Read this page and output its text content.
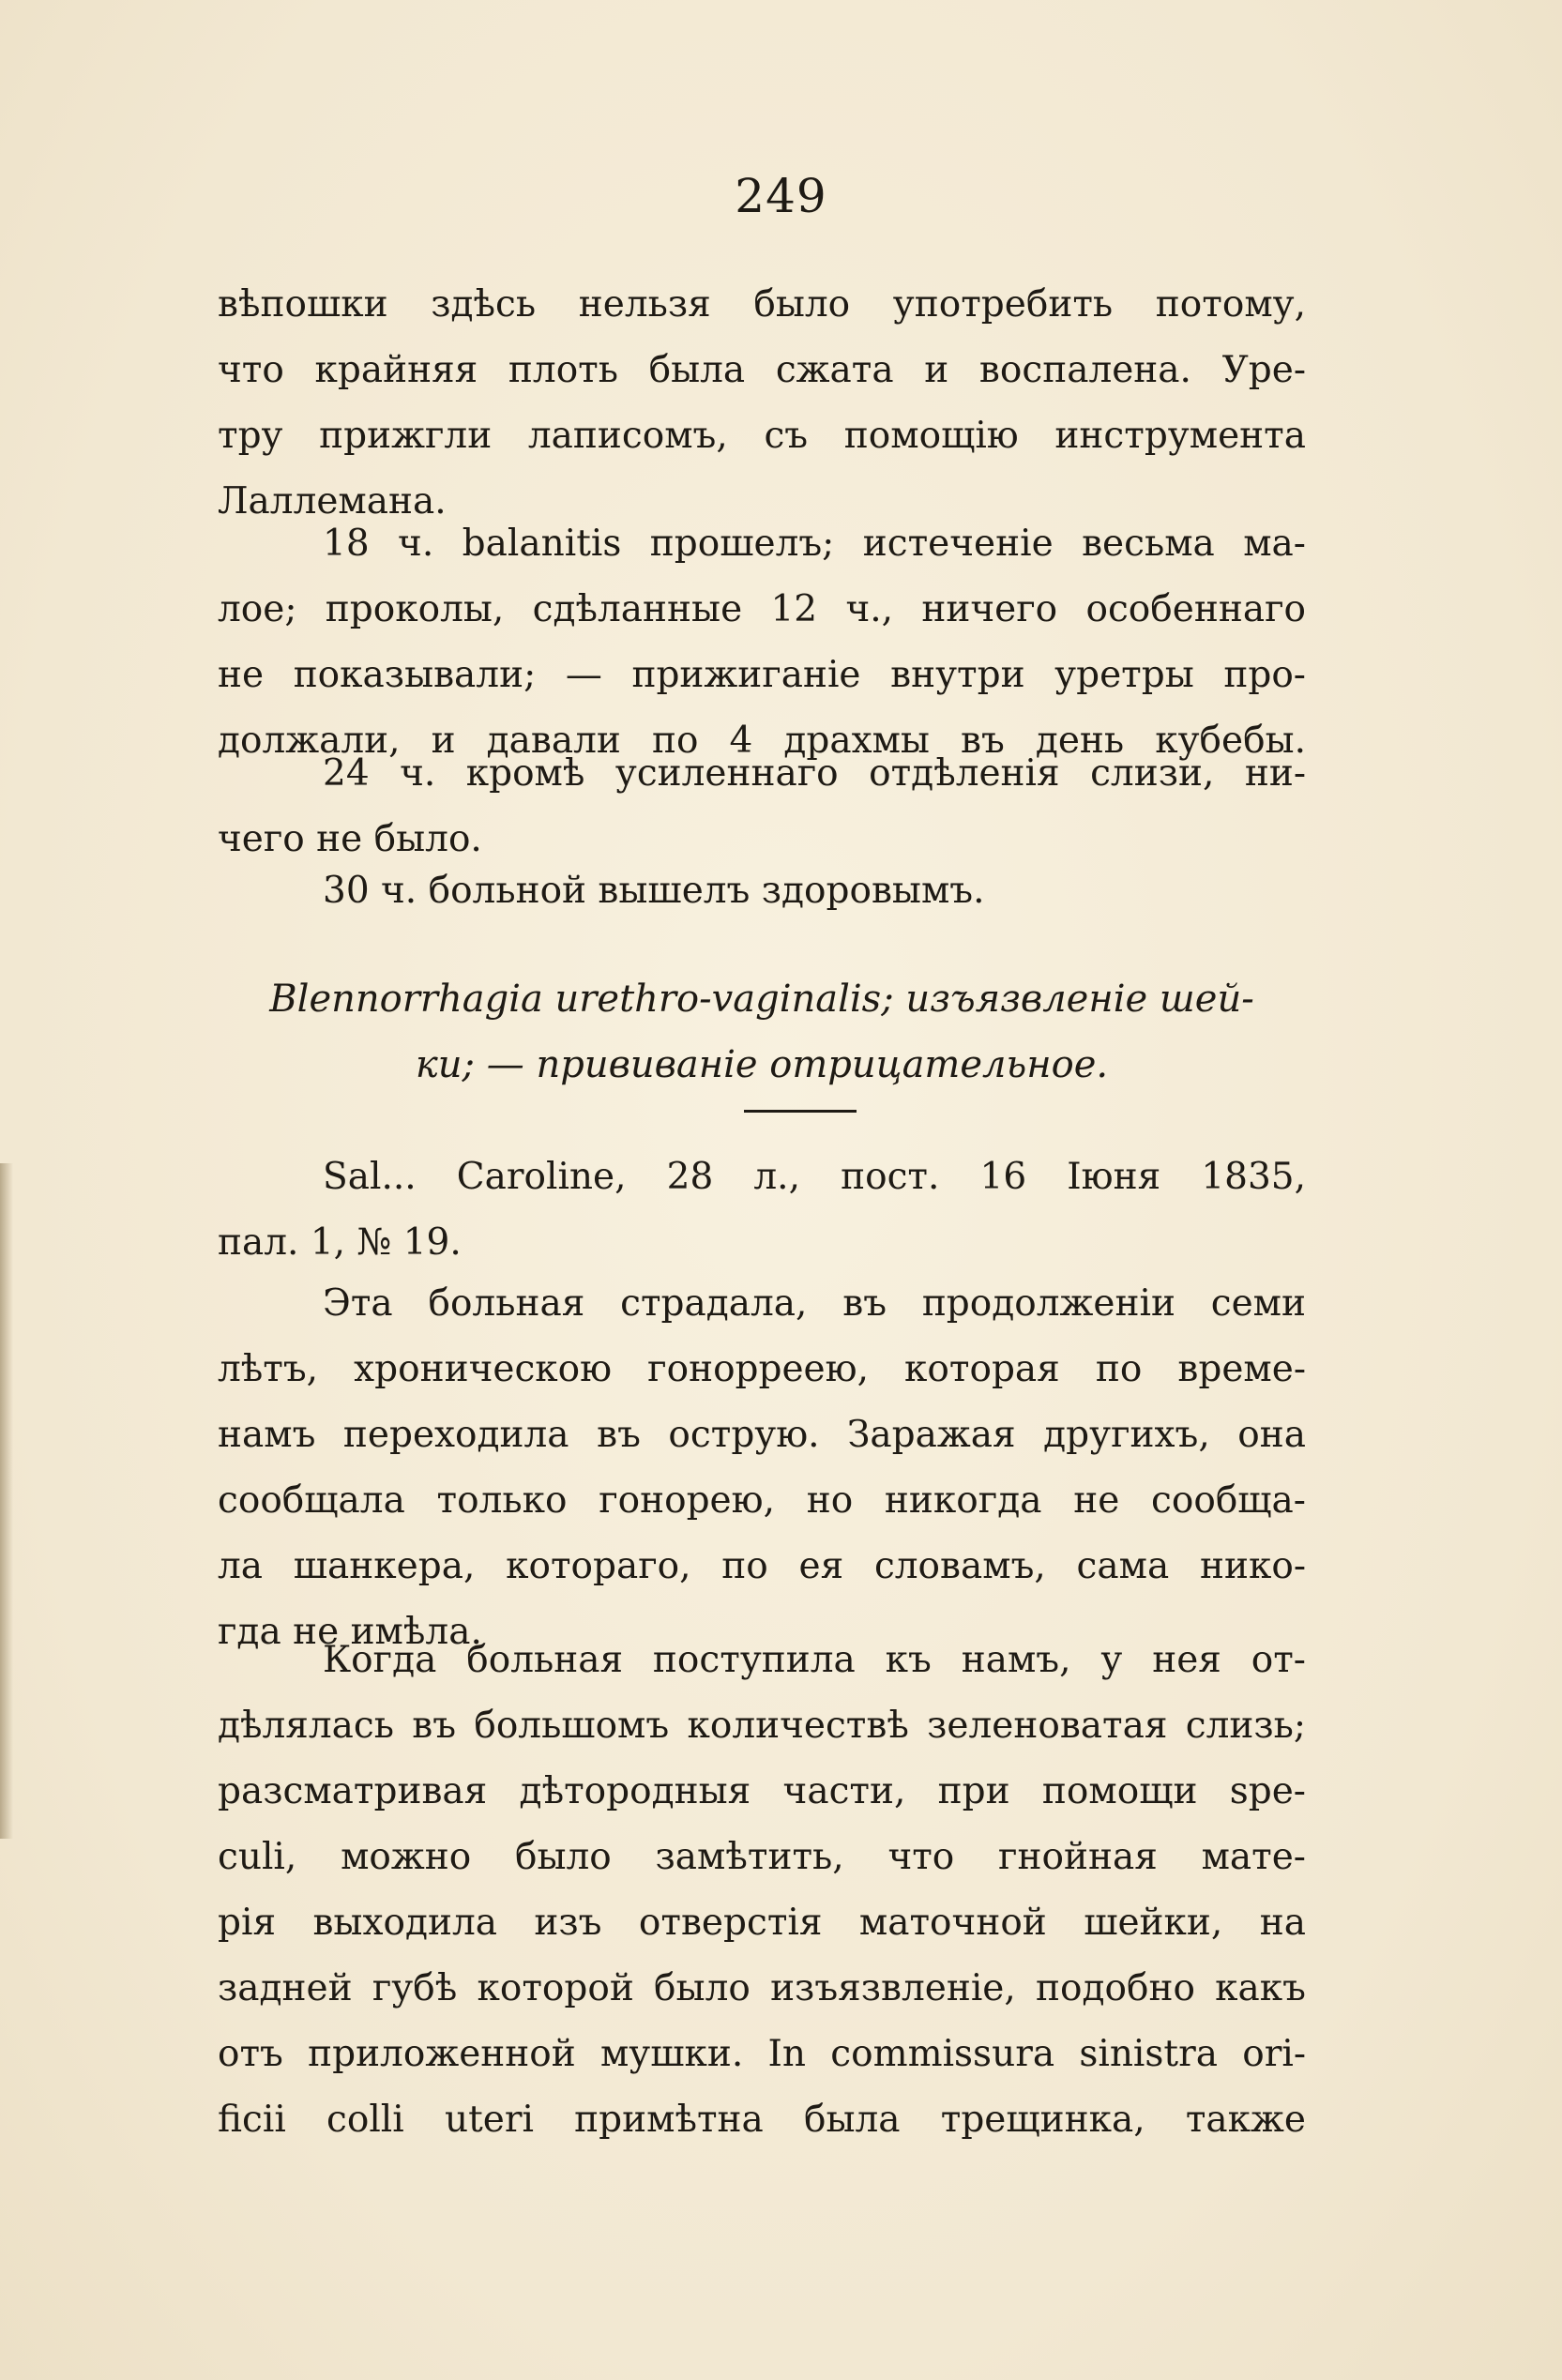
249
вѣпошки здѣсь нельзя было употребить потому,
что крайняя плоть была сжата и воспалена. Уре-
тру прижгли лаписомъ, съ помощію инструмента
Лаллемана.
18 ч. balanitis прошелъ; истеченіе весьма ма-
лое; проколы, сдѣланные 12 ч., ничего особеннаго
не показывали; — прижиганіе внутри уретры про-
должали, и давали по 4 драхмы въ день кубебы.
24 ч. кромѣ усиленнаго отдѣленія слизи, ни-
чего не было.
30 ч. больной вышелъ здоровымъ.
Blennorrhagia urethro-vaginalis; изъязвленіе шей-
ки; — прививаніе отрицательное.
Sal... Caroline, 28 л., пост. 16 Іюня 1835,
пал. 1, № 19.
Эта больная страдала, въ продолженіи семи
лѣтъ, хроническою гонорреею, которая по време-
намъ переходила въ острую. Заражая другихъ, она
сообщала только гонорею, но никогда не сообща-
ла шанкера, котораго, по ея словамъ, сама нико-
гда не имѣла.
Когда больная поступила къ намъ, у нея от-
дѣлялась въ большомъ количествѣ зеленоватая слизь;
разсматривая дѣтородныя части, при помощи spe-
culi, можно было замѣтить, что гнойная мате-
рія выходила изъ отверстія маточной шейки, на
задней губѣ которой было изъязвленіе, подобно какъ
отъ приложенной мушки. In commissura sinistra ori-
ficii colli uteri примѣтна была трещинка, также
